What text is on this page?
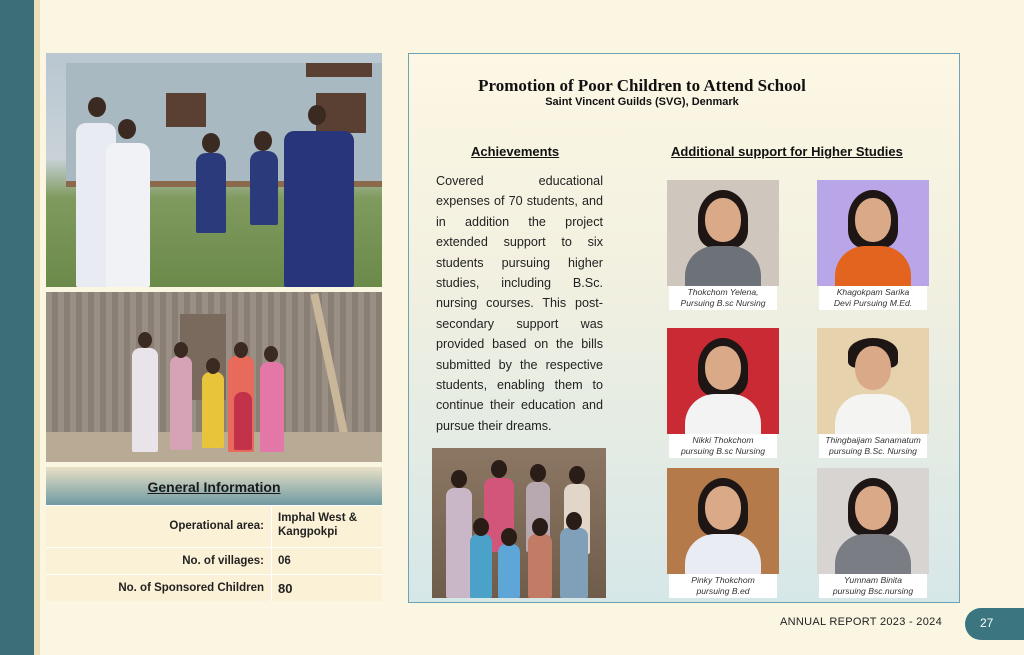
General Information
Operational area:
Imphal West &
Kangpokpi
No. of villages: 06
No. of Sponsored Children 80
Promotion of Poor Children to Attend School
Saint Vincent Guilds (SVG), Denmark
Achievements	Additional support for Higher Studies
Covered educational expenses of 70 students, and in addition the project extended support to six students pursuing higher studies, including B.Sc. nursing courses. This post-secondary support was provided based on the bills submitted by the respective students, enabling them to continue their education and pursue their dreams.
Thokchom Yelena,
Pursuing B.sc Nursing
Khagokpam Sarika
Devi Pursuing M.Ed.
Nikki Thokchom
pursuing B.sc Nursing
Thingbaijam Sanamatum
pursuing B.Sc. Nursing
Pinky Thokchom
pursuing B.ed
Yumnam Binita
pursuing Bsc.nursing
ANNUAL REPORT 2023 - 2024	27
